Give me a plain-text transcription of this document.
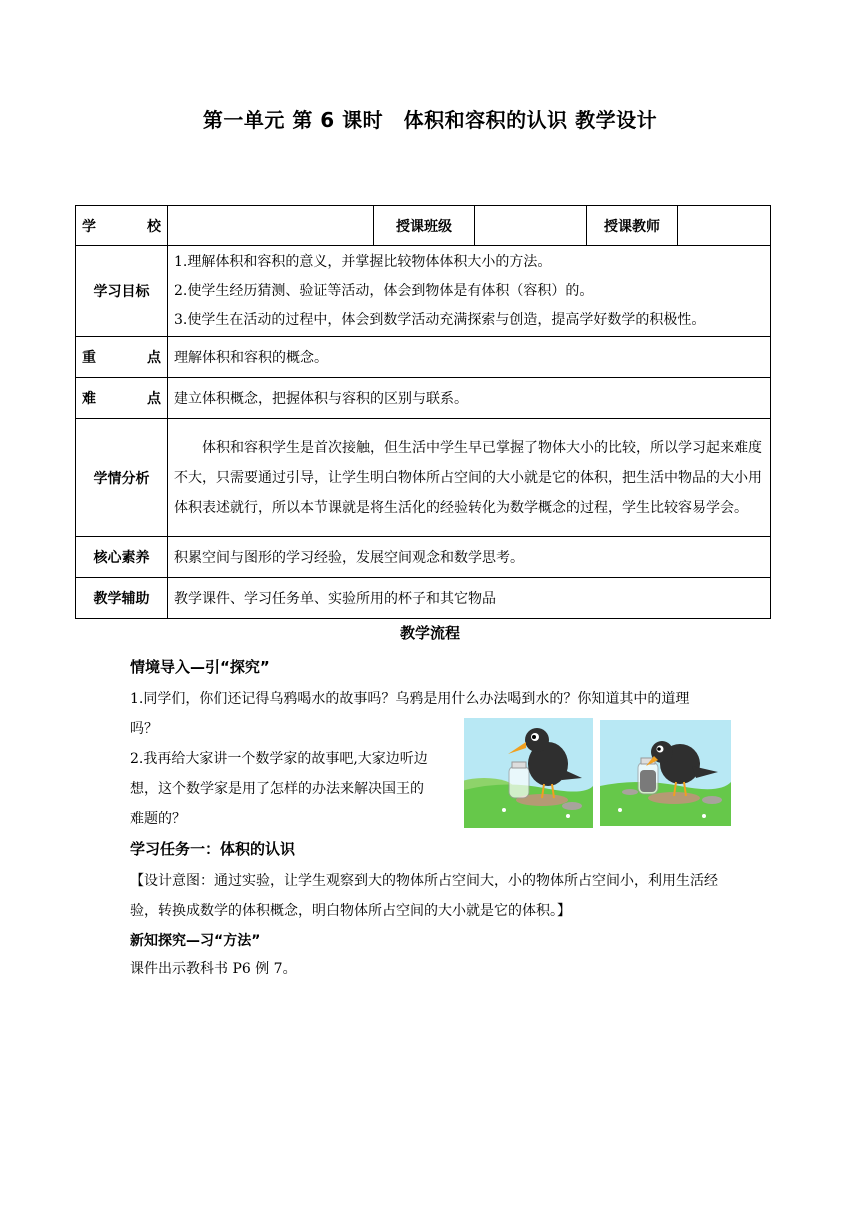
第一单元 第 6 课时　体积和容积的认识 教学设计
学 校		授课班级		授课教师	
学习目标	1.理解体积和容积的意义，并掌握比较物体体积大小的方法。

2.使学生经历猜测、验证等活动，体会到物体是有体积（容积）的。

3.使学生在活动的过程中，体会到数学活动充满探索与创造，提高学好数学的积极性。				

重 点	理解体积和容积的概念。				

难 点	建立体积概念，把握体积与容积的区别与联系。				
学情分析	体积和容积学生是首次接触，但生活中学生早已掌握了物体大小的比较，所以学习起来难度不大，只需要通过引导，让学生明白物体所占空间的大小就是它的体积，把生活中物品的大小用体积表述就行，所以本节课就是将生活化的经验转化为数学概念的过程，学生比较容易学会。				
核心素养	积累空间与图形的学习经验，发展空间观念和数学思考。				
教学辅助	教学课件、学习任务单、实验所用的杯子和其它物品				
教学流程
情境导入—引“探究”
1.同学们，你们还记得乌鸦喝水的故事吗？乌鸦是用什么办法喝到水的？你知道其中的道理
吗？
2.我再给大家讲一个数学家的故事吧,大家边听边
想，这个数学家是用了怎样的办法来解决国王的
难题的？
学习任务一：体积的认识
【设计意图：通过实验，让学生观察到大的物体所占空间大，小的物体所占空间小，利用生活经验，转换成数学的体积概念，明白物体所占空间的大小就是它的体积。】
新知探究—习“方法”
课件出示教科书 P6 例 7。
